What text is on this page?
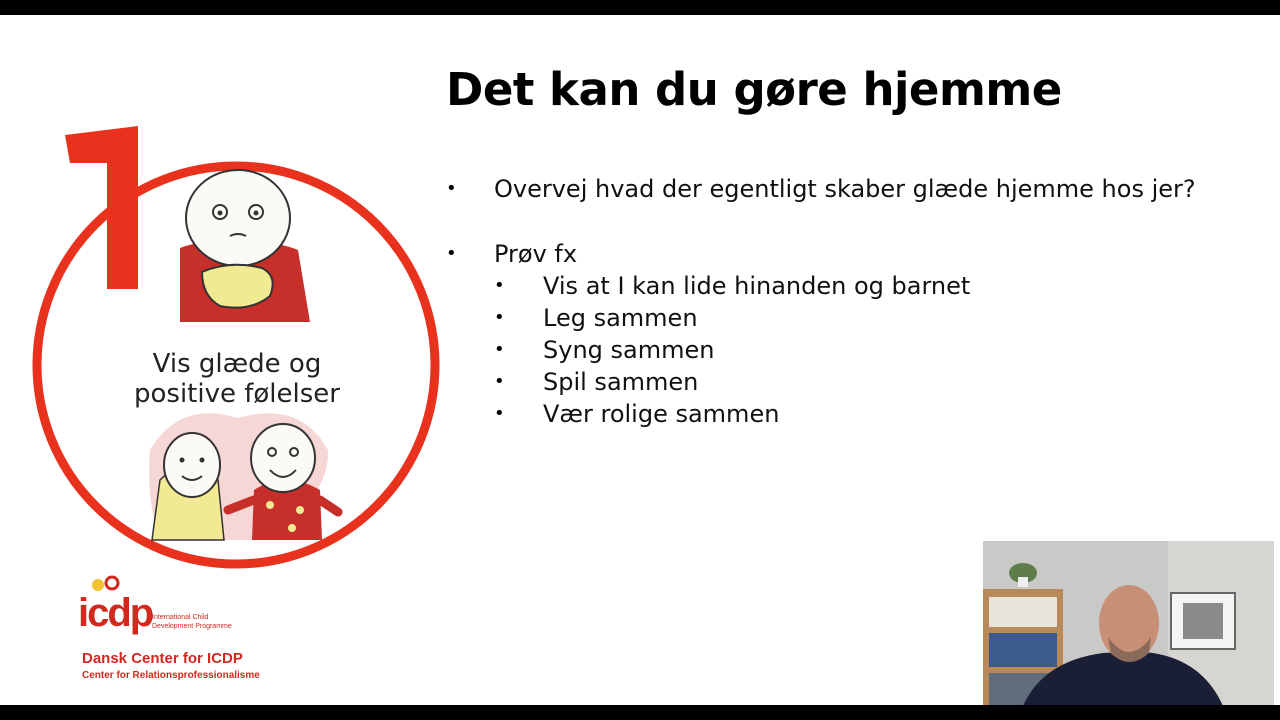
Vis glæde og
positive følelser
Det kan du gøre hjemme
• Overvej hvad der egentligt skaber glæde hjemme hos jer?
• Prøv fx
• Vis at I kan lide hinanden og barnet
• Leg sammen
• Syng sammen
• Spil sammen
• Vær rolige sammen
icdp International Child
Development Programme
Dansk Center for ICDP
Center for Relationsprofessionalisme
